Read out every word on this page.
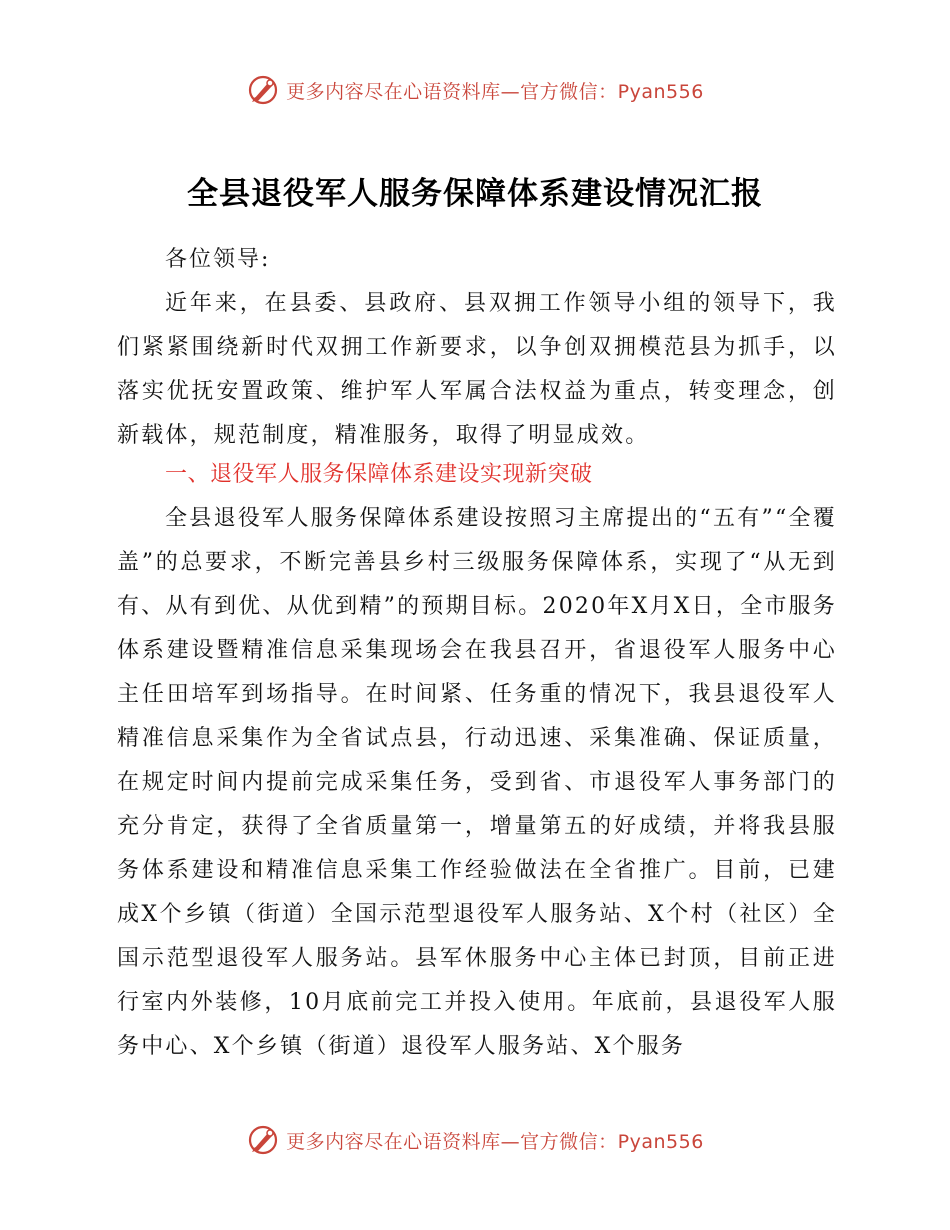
更多内容尽在心语资料库—官方微信：Pyan556
全县退役军人服务保障体系建设情况汇报
各位领导:
近年来，在县委、县政府、县双拥工作领导小组的领导下，我们紧紧围绕新时代双拥工作新要求，以争创双拥模范县为抓手，以落实优抚安置政策、维护军人军属合法权益为重点，转变理念，创新载体，规范制度，精准服务，取得了明显成效。
一、退役军人服务保障体系建设实现新突破
全县退役军人服务保障体系建设按照习主席提出的“五有”“全覆盖”的总要求，不断完善县乡村三级服务保障体系，实现了“从无到有、从有到优、从优到精”的预期目标。2020年X月X日，全市服务体系建设暨精准信息采集现场会在我县召开，省退役军人服务中心主任田培军到场指导。在时间紧、任务重的情况下，我县退役军人精准信息采集作为全省试点县，行动迅速、采集准确、保证质量，在规定时间内提前完成采集任务，受到省、市退役军人事务部门的充分肯定，获得了全省质量第一，增量第五的好成绩，并将我县服务体系建设和精准信息采集工作经验做法在全省推广。目前，已建成X个乡镇（街道）全国示范型退役军人服务站、X个村（社区）全国示范型退役军人服务站。县军休服务中心主体已封顶，目前正进行室内外装修，10月底前完工并投入使用。年底前，县退役军人服务中心、X个乡镇（街道）退役军人服务站、X个服务
更多内容尽在心语资料库—官方微信：Pyan556
